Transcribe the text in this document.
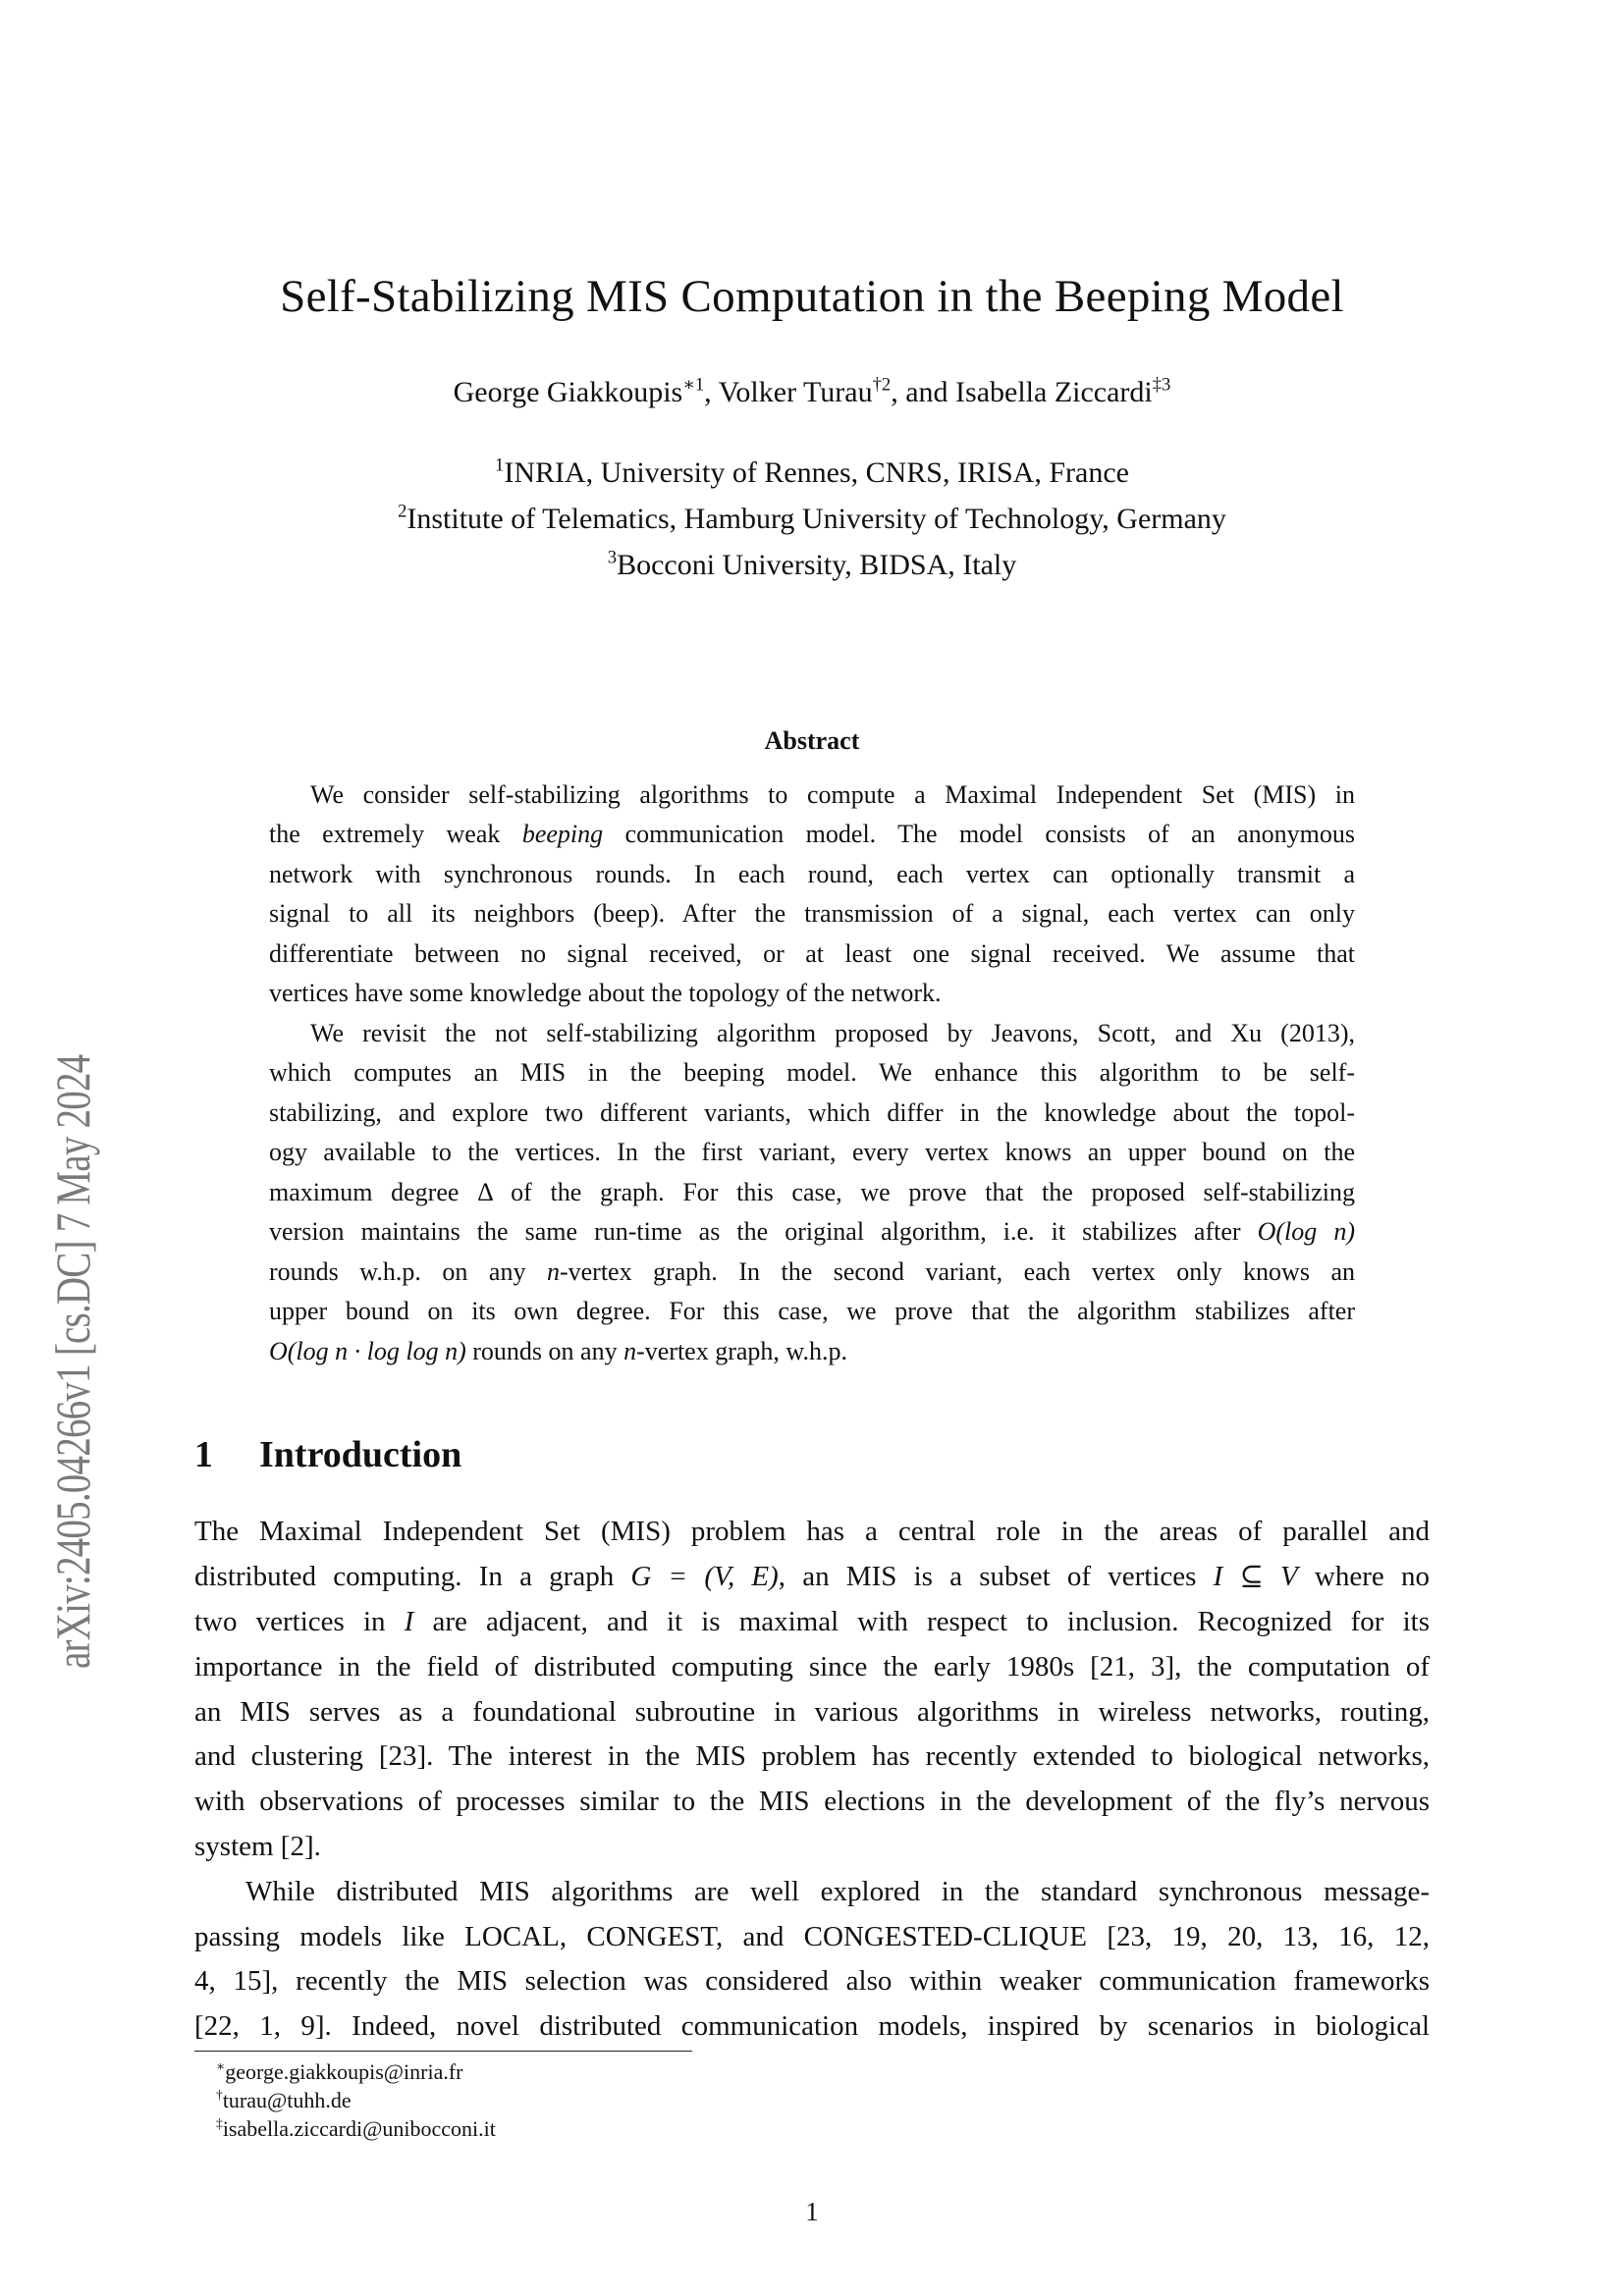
arXiv:2405.04266v1 [cs.DC] 7 May 2024
Self-Stabilizing MIS Computation in the Beeping Model
George Giakkoupis$^{∗1}$, Volker Turau$^{\dagger 2}$, and Isabella Ziccardi$^{\ddagger 3}$
$^1$INRIA, University of Rennes, CNRS, IRISA, France
$^2$Institute of Telematics, Hamburg University of Technology, Germany
$^3$Bocconi University, BIDSA, Italy
Abstract
We consider self-stabilizing algorithms to compute a Maximal Independent Set (MIS) in
the extremely weak beeping communication model. The model consists of an anonymous
network with synchronous rounds. In each round, each vertex can optionally transmit a
signal to all its neighbors (beep). After the transmission of a signal, each vertex can only
differentiate between no signal received, or at least one signal received. We assume that
vertices have some knowledge about the topology of the network.
We revisit the not self-stabilizing algorithm proposed by Jeavons, Scott, and Xu (2013),
which computes an MIS in the beeping model. We enhance this algorithm to be self-
stabilizing, and explore two different variants, which differ in the knowledge about the topol-
ogy available to the vertices. In the first variant, every vertex knows an upper bound on the
maximum degree Δ of the graph. For this case, we prove that the proposed self-stabilizing
version maintains the same run-time as the original algorithm, i.e. it stabilizes after O(log n)
rounds w.h.p. on any n-vertex graph. In the second variant, each vertex only knows an
upper bound on its own degree. For this case, we prove that the algorithm stabilizes after
O(log n · log log n) rounds on any n-vertex graph, w.h.p.
1 Introduction
The Maximal Independent Set (MIS) problem has a central role in the areas of parallel and
distributed computing. In a graph G = (V, E), an MIS is a subset of vertices I ⊆ V where no
two vertices in I are adjacent, and it is maximal with respect to inclusion. Recognized for its
importance in the field of distributed computing since the early 1980s [21, 3], the computation of
an MIS serves as a foundational subroutine in various algorithms in wireless networks, routing,
and clustering [23]. The interest in the MIS problem has recently extended to biological networks,
with observations of processes similar to the MIS elections in the development of the fly’s nervous
system [2].
While distributed MIS algorithms are well explored in the standard synchronous message-
passing models like LOCAL, CONGEST, and CONGESTED-CLIQUE [23, 19, 20, 13, 16, 12,
4, 15], recently the MIS selection was considered also within weaker communication frameworks
[22, 1, 9]. Indeed, novel distributed communication models, inspired by scenarios in biological
∗george.giakkoupis@inria.fr
†turau@tuhh.de
‡isabella.ziccardi@unibocconi.it
1
